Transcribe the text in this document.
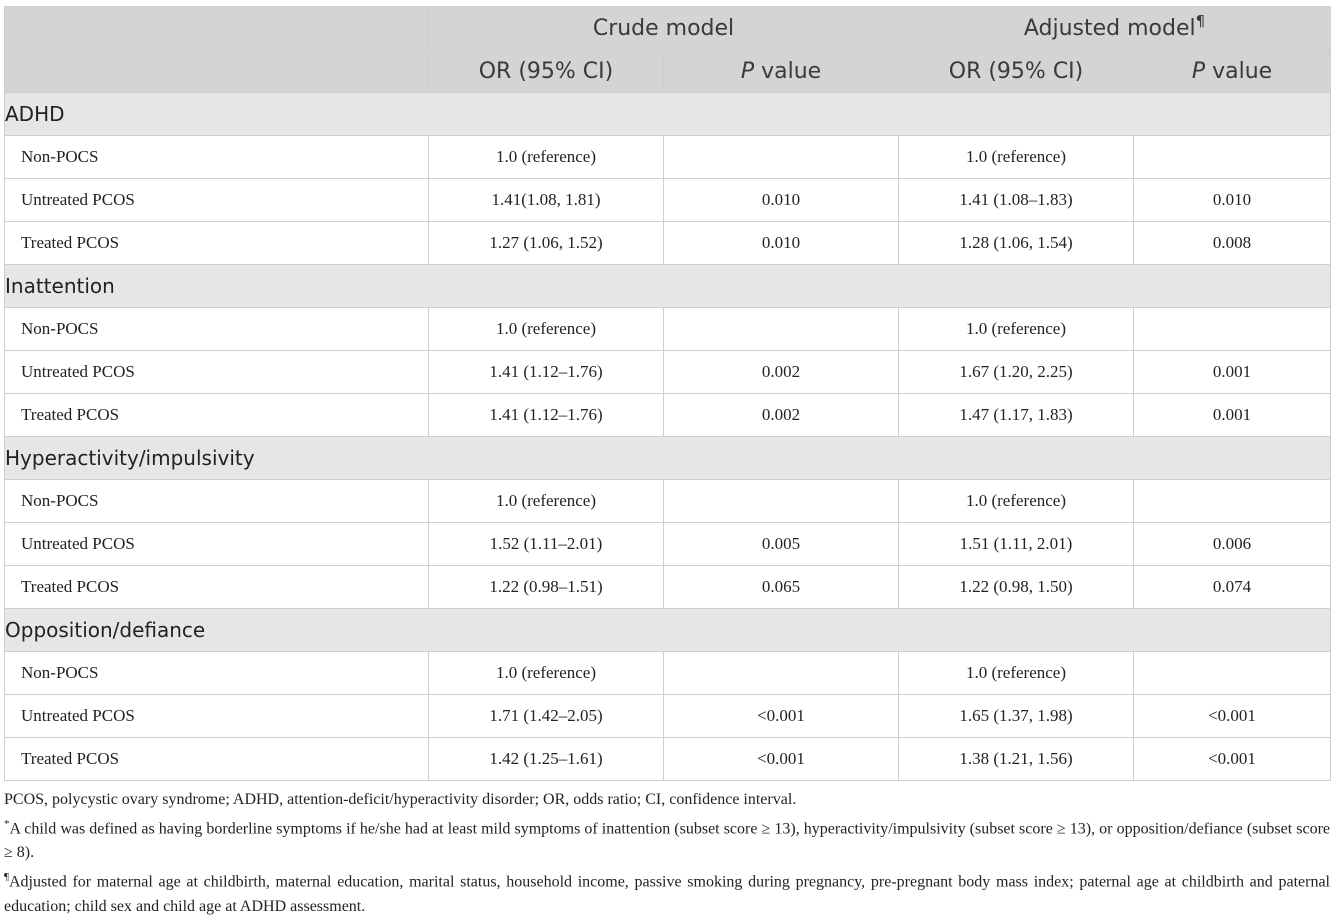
	Crude model		Adjusted model¶
	OR (95% CI)	P value	OR (95% CI)	P value
ADHD				
Non-POCS	1.0 (reference)		1.0 (reference)	
Untreated PCOS	1.41(1.08, 1.81)	0.010	1.41 (1.08–1.83)	0.010
Treated PCOS	1.27 (1.06, 1.52)	0.010	1.28 (1.06, 1.54)	0.008
Inattention				
Non-POCS	1.0 (reference)		1.0 (reference)	
Untreated PCOS	1.41 (1.12–1.76)	0.002	1.67 (1.20, 2.25)	0.001
Treated PCOS	1.41 (1.12–1.76)	0.002	1.47 (1.17, 1.83)	0.001
Hyperactivity/impulsivity				
Non-POCS	1.0 (reference)		1.0 (reference)	
Untreated PCOS	1.52 (1.11–2.01)	0.005	1.51 (1.11, 2.01)	0.006
Treated PCOS	1.22 (0.98–1.51)	0.065	1.22 (0.98, 1.50)	0.074
Opposition/defiance				
Non-POCS	1.0 (reference)		1.0 (reference)	
Untreated PCOS	1.71 (1.42–2.05)	<0.001	1.65 (1.37, 1.98)	<0.001
Treated PCOS	1.42 (1.25–1.61)	<0.001	1.38 (1.21, 1.56)	<0.001

PCOS, polycystic ovary syndrome; ADHD, attention-deficit/hyperactivity disorder; OR, odds ratio; CI, confidence interval.

*A child was defined as having borderline symptoms if he/she had at least mild symptoms of inattention (subset score ≥ 13), hyperactivity/impulsivity (subset score ≥ 13), or opposition/defiance (subset score ≥ 8).

¶Adjusted for maternal age at childbirth, maternal education, marital status, household income, passive smoking during pregnancy, pre-pregnant body mass index; paternal age at childbirth and paternal education; child sex and child age at ADHD assessment.
